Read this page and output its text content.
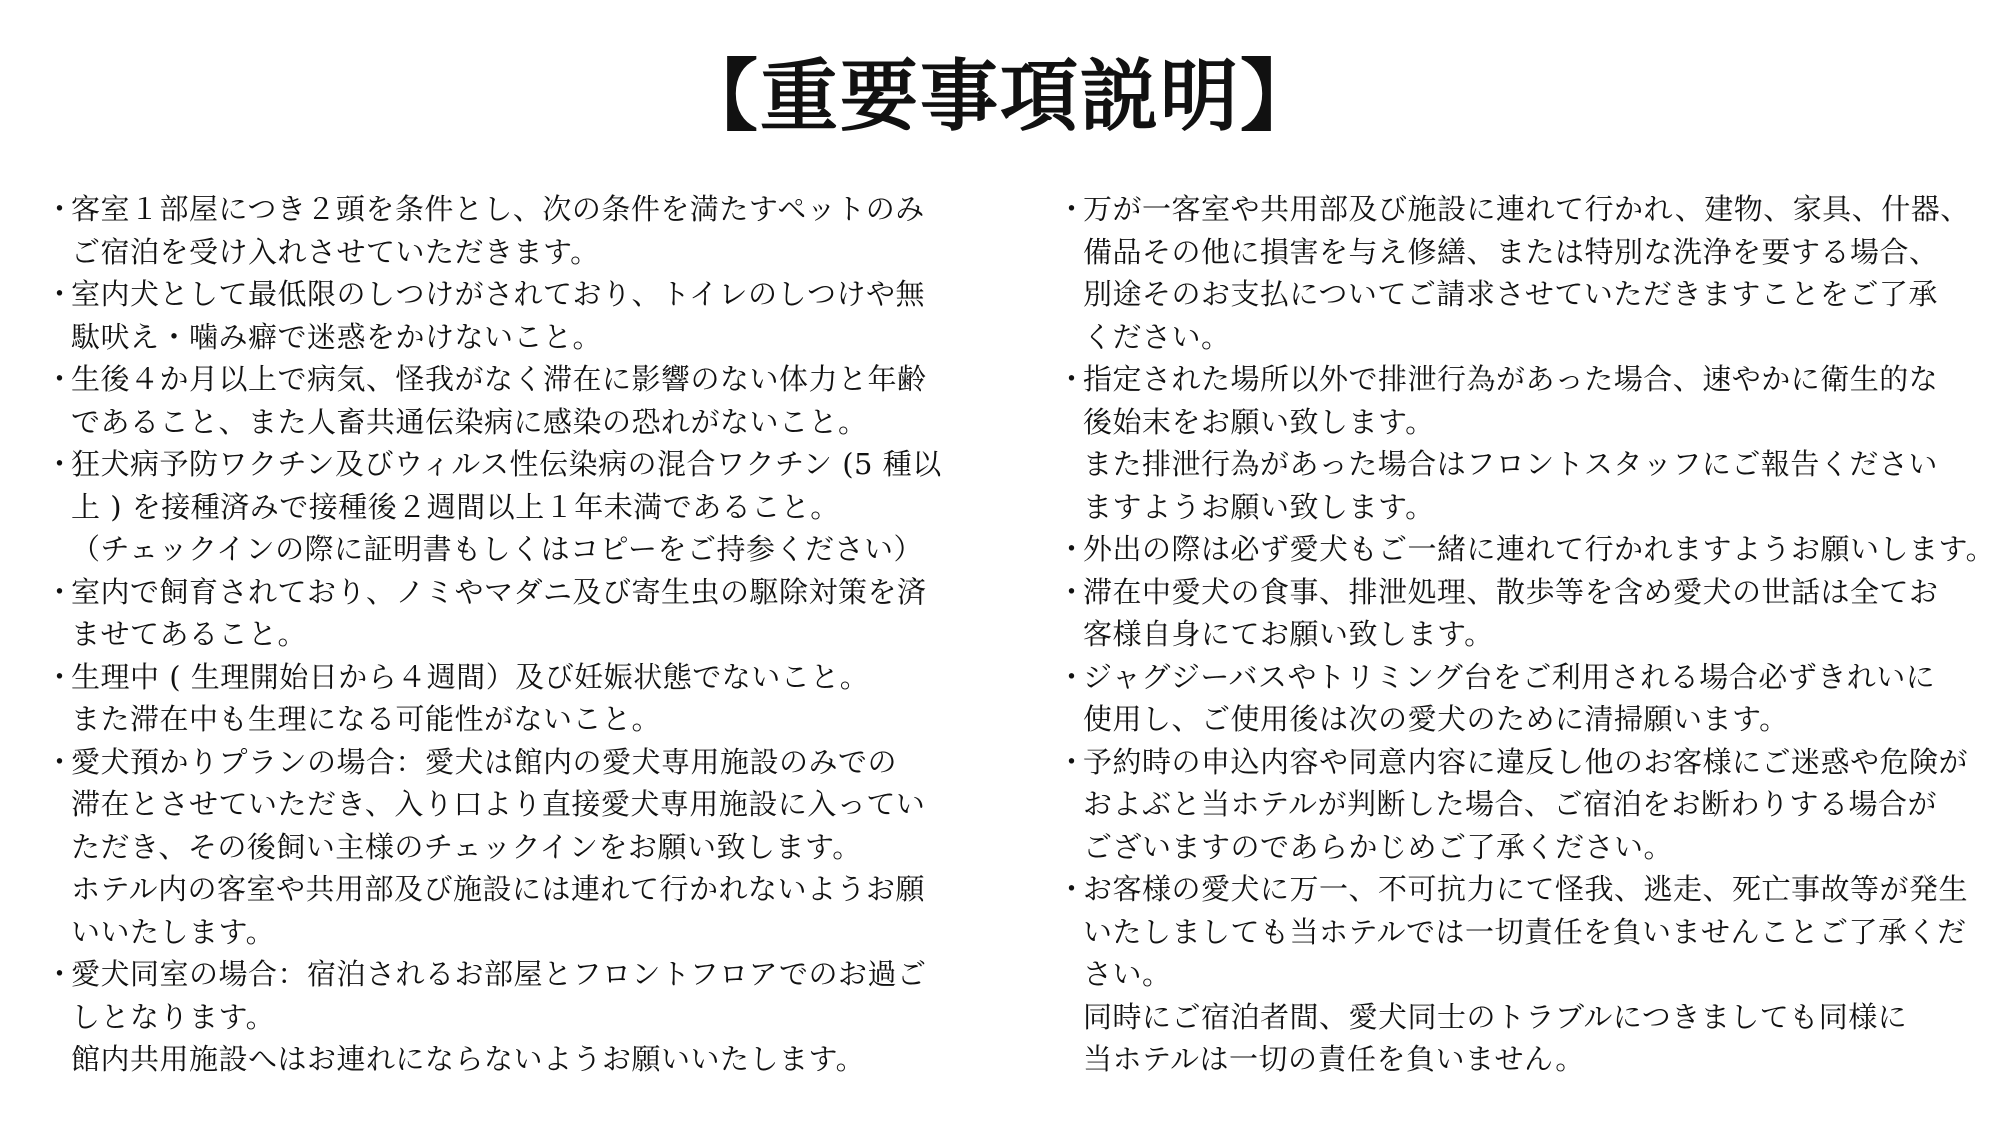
【重要事項説明】
・
客室１部屋につき２頭を条件とし、次の条件を満たすペットのみ
ご宿泊を受け入れさせていただきます。
・
室内犬として最低限のしつけがされており、トイレのしつけや無
駄吠え・噛み癖で迷惑をかけないこと。
・
生後４か月以上で病気、怪我がなく滞在に影響のない体力と年齢
であること、また人畜共通伝染病に感染の恐れがないこと。
・
狂犬病予防ワクチン及びウィルス性伝染病の混合ワクチン (5 種以
上 ) を接種済みで接種後２週間以上１年未満であること。
（チェックインの際に証明書もしくはコピーをご持参ください）
・
室内で飼育されており、ノミやマダニ及び寄生虫の駆除対策を済
ませてあること。
・
生理中 ( 生理開始日から４週間）及び妊娠状態でないこと。
また滞在中も生理になる可能性がないこと。
・
愛犬預かりプランの場合：愛犬は館内の愛犬専用施設のみでの
滞在とさせていただき、入り口より直接愛犬専用施設に入ってい
ただき、その後飼い主様のチェックインをお願い致します。
ホテル内の客室や共用部及び施設には連れて行かれないようお願
いいたします。
・
愛犬同室の場合：宿泊されるお部屋とフロントフロアでのお過ご
しとなります。
館内共用施設へはお連れにならないようお願いいたします。
・
万が一客室や共用部及び施設に連れて行かれ、建物、家具、什器、
備品その他に損害を与え修繕、または特別な洗浄を要する場合、
別途そのお支払についてご請求させていただきますことをご了承
ください。
・
指定された場所以外で排泄行為があった場合、速やかに衛生的な
後始末をお願い致します。
また排泄行為があった場合はフロントスタッフにご報告ください
ますようお願い致します。
・
外出の際は必ず愛犬もご一緒に連れて行かれますようお願いします。
・
滞在中愛犬の食事、排泄処理、散歩等を含め愛犬の世話は全てお
客様自身にてお願い致します。
・
ジャグジーバスやトリミング台をご利用される場合必ずきれいに
使用し、ご使用後は次の愛犬のために清掃願います。
・
予約時の申込内容や同意内容に違反し他のお客様にご迷惑や危険が
およぶと当ホテルが判断した場合、ご宿泊をお断わりする場合が
ございますのであらかじめご了承ください。
・
お客様の愛犬に万一、不可抗力にて怪我、逃走、死亡事故等が発生
いたしましても当ホテルでは一切責任を負いませんことご了承くだ
さい。
同時にご宿泊者間、愛犬同士のトラブルにつきましても同様に
当ホテルは一切の責任を負いません。
